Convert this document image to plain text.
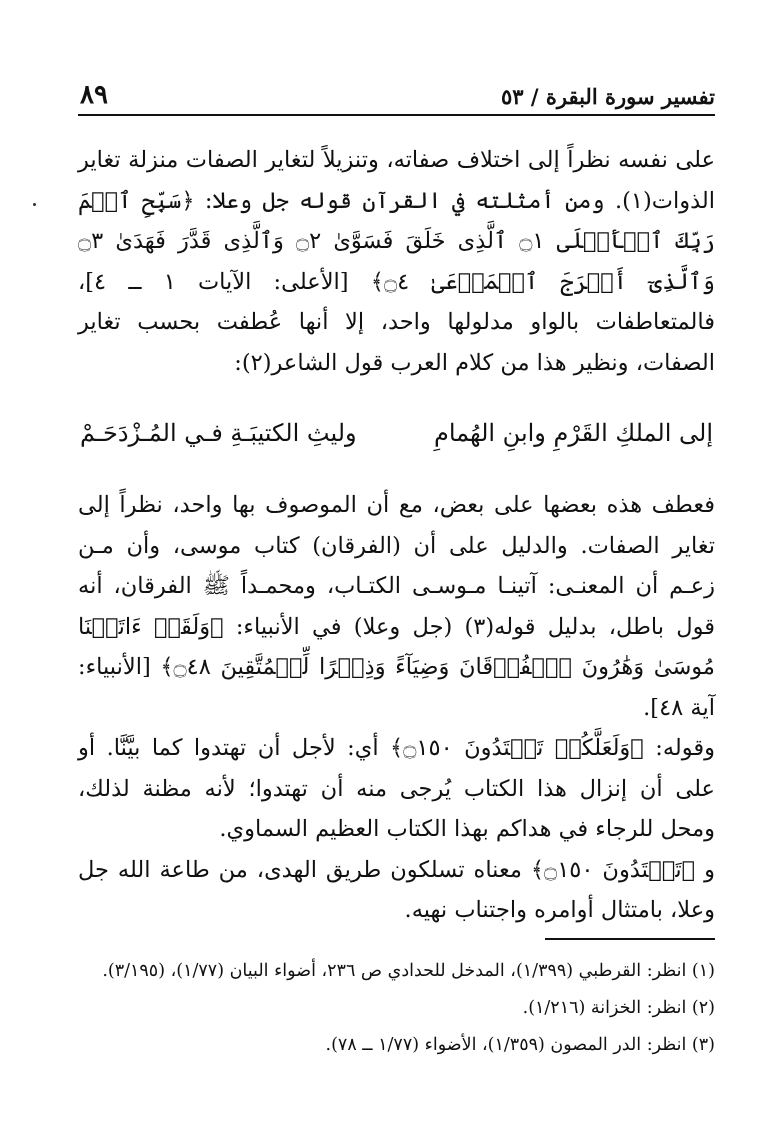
تفسير سورة البقرة / ٥٣
٨٩

على نفسه نظراً إلى اختلاف صفاته، وتنزيلاً لتغاير الصفات منزلة تغاير الذوات(١). ومن أمثلته في القرآن قوله جل وعلا: ﴿سَبِّحِ ٱسۡمَ رَبِّكَ ٱلۡأَعۡلَى ۝١ ٱلَّذِى خَلَقَ فَسَوَّىٰ ۝٢ وَٱلَّذِى قَدَّرَ فَهَدَىٰ ۝٣ وَٱلَّذِىٓ أَخۡرَجَ ٱلۡمَرۡعَىٰ ۝٤﴾ [الأعلى: الآيات ١ ــ ٤]، فالمتعاطفات بالواو مدلولها واحد، إلا أنها عُطفت بحسب تغاير الصفات، ونظير هذا من كلام العرب قول الشاعر(٢):

إلى الملكِ القَرْمِ وابنِ الهُمامِ
وليثِ الكتيبَـةِ فـي المُـزْدَحَـمْ

فعطف هذه بعضها على بعض، مع أن الموصوف بها واحد، نظراً إلى تغاير الصفات. والدليل على أن (الفرقان) كتاب موسى، وأن مـن زعـم أن المعنـى: آتينـا مـوسـى الكتـاب، ومحمـداً ﷺ الفرقان، أنه قول باطل، بدليل قوله(٣) (جل وعلا) في الأنبياء: ﴿وَلَقَدۡ ءَاتَيۡنَا مُوسَىٰ وَهَٰرُونَ ٱلۡفُرۡقَانَ وَضِيَآءً وَذِكۡرًا لِّلۡمُتَّقِينَ ۝٤٨﴾ [الأنبياء: آية ٤٨].

وقوله: ﴿وَلَعَلَّكُمۡ تَهۡتَدُونَ ۝١٥٠﴾ أي: لأجل أن تهتدوا كما بيَّنَّا. أو على أن إنزال هذا الكتاب يُرجى منه أن تهتدوا؛ لأنه مظنة لذلك، ومحل للرجاء في هداكم بهذا الكتاب العظيم السماوي.

و ﴿تَهۡتَدُونَ ۝١٥٠﴾ معناه تسلكون طريق الهدى، من طاعة الله جل وعلا، بامتثال أوامره واجتناب نهيه.

(١) انظر: القرطبي (١/٣٩٩)، المدخل للحدادي ص ٢٣٦، أضواء البيان (١/٧٧)، (٣/١٩٥).

(٢) انظر: الخزانة (١/٢١٦).

(٣) انظر: الدر المصون (١/٣٥٩)، الأضواء (١/٧٧ ــ ٧٨).
